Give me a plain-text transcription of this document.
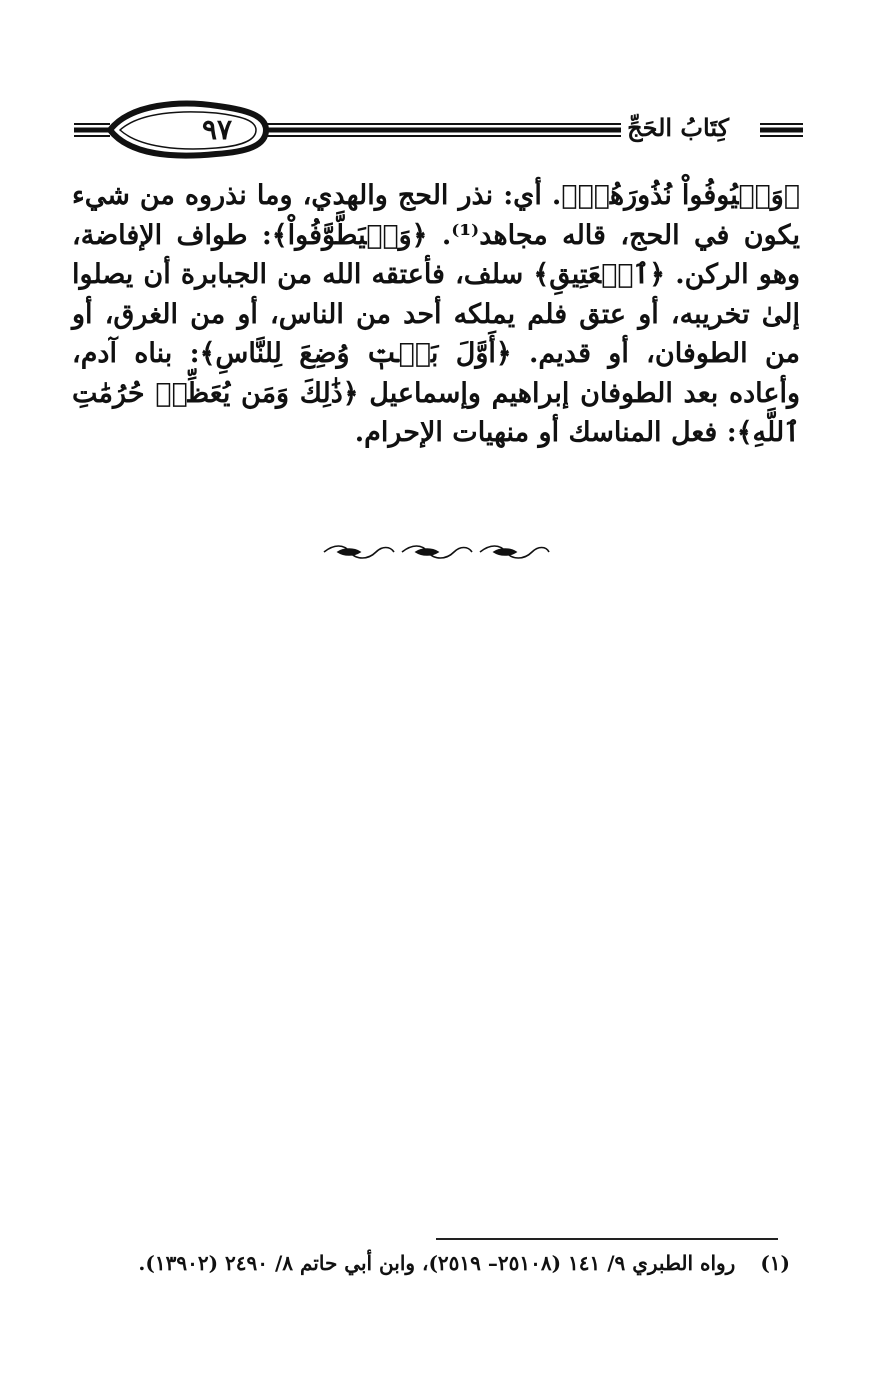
٩٧	كِتَابُ الحَجِّ

﴿وَلۡيُوفُواْ نُذُورَهُمۡ﴾. أي: نذر الحج والهدي، وما نذروه من شيء يكون في الحج، قاله مجاهد⁽¹⁾. ﴿وَلۡيَطَّوَّفُواْ﴾: طواف الإفاضة، وهو الركن. ﴿ٱلۡعَتِيقِ﴾ سلف، فأعتقه الله من الجبابرة أن يصلوا إلىٰ تخريبه، أو عتق فلم يملكه أحد من الناس، أو من الغرق، أو من الطوفان، أو قديم. ﴿أَوَّلَ بَيۡتٖ وُضِعَ لِلنَّاسِ﴾: بناه آدم، وأعاده بعد الطوفان إبراهيم وإسماعيل ﴿ذَٰلِكَ وَمَن يُعَظِّمۡ حُرُمَٰتِ ٱللَّهِ﴾: فعل المناسك أو منهيات الإحرام.

(١) رواه الطبري ٩/ ١٤١ (٢٥١٠٨– ٢٥١٩)، وابن أبي حاتم ٨/ ٢٤٩٠ (١٣٩٠٢).
